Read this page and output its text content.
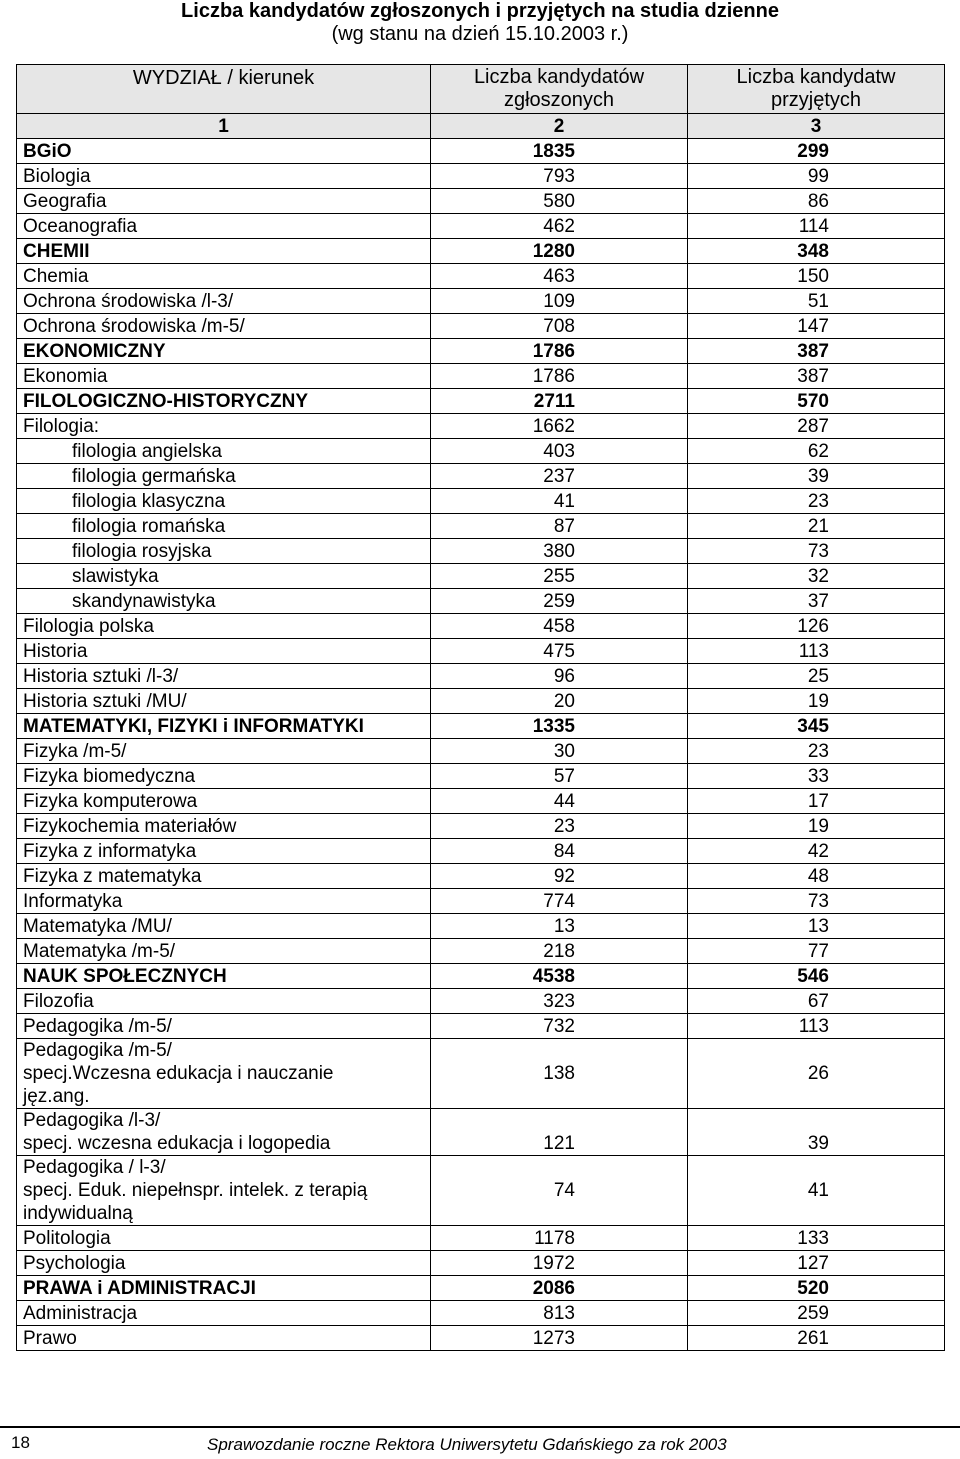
Liczba kandydatów zgłoszonych i przyjętych na studia dzienne
(wg stanu na dzień 15.10.2003 r.)
WYDZIAŁ / kierunek	Liczba kandydatów zgłoszonych	Liczba kandydatw przyjętych
1	2	3
BGiO	1835	299
Biologia	793	99
Geografia	580	86
Oceanografia	462	114
CHEMII	1280	348
Chemia	463	150
Ochrona środowiska /l-3/	109	51
Ochrona środowiska /m-5/	708	147
EKONOMICZNY	1786	387
Ekonomia	1786	387
FILOLOGICZNO-HISTORYCZNY	2711	570
Filologia:	1662	287
filologia angielska	403	62
filologia germańska	237	39
filologia klasyczna	41	23
filologia romańska	87	21
filologia rosyjska	380	73
slawistyka	255	32
skandynawistyka	259	37
Filologia polska	458	126
Historia	475	113
Historia sztuki /l-3/	96	25
Historia sztuki /MU/	20	19
MATEMATYKI, FIZYKI i INFORMATYKI	1335	345
Fizyka /m-5/	30	23
Fizyka biomedyczna	57	33
Fizyka komputerowa	44	17
Fizykochemia materiałów	23	19
Fizyka z informatyka	84	42
Fizyka z matematyka	92	48
Informatyka	774	73
Matematyka /MU/	13	13
Matematyka /m-5/	218	77
NAUK SPOŁECZNYCH	4538	546
Filozofia	323	67
Pedagogika /m-5/	732	113
Pedagogika /m-5/
specj.Wczesna edukacja i nauczanie
jęz.ang.	138	26
Pedagogika /l-3/
specj. wczesna edukacja i logopedia	121	39
Pedagogika / l-3/
specj. Eduk. niepełnspr. intelek. z terapią
indywidualną	74	41
Politologia	1178	133
Psychologia	1972	127
PRAWA i ADMINISTRACJI	2086	520
Administracja	813	259
Prawo	1273	261
18	Sprawozdanie roczne Rektora Uniwersytetu Gdańskiego za rok 2003
